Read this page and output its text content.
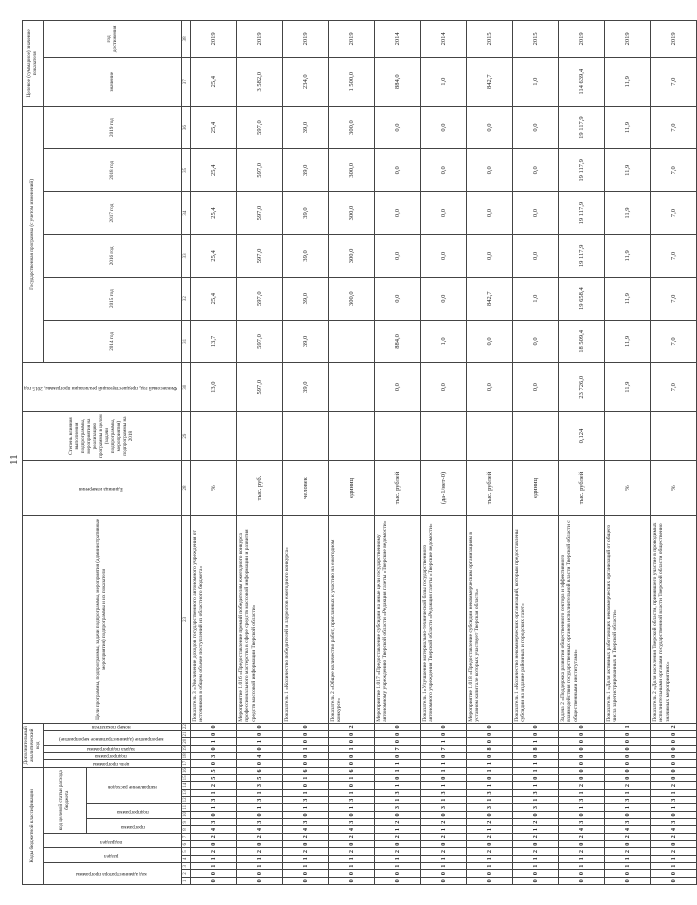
11
Коды бюджетной классификации																Дополнительный аналитический код						Цели программы, подпрограммы, задачи подпрограммы, мероприятия (административные мероприятия) подпрограммы и их показатели	Единица измерения	Степень влияния выполнения подпрограммы, мероприятия на реализацию программы в целом (задачи подпрограммы, мероприятия) подпрограммы на 2018	Финансовый год, предшествующий реализации программы, 2015 год	Государственная программа (с учетом изменений)						Целевое (суммарное) значение показателя	
код администратора программы			раздел		подраздел		код целевой статьи расхода бюджета									цель программы	подпрограмма	задача подпрограммы	мероприятие (административное мероприятие)		номер показателя					2014 год	2015 год	2016 год	2017 год	2018 год	2019 год	значение	год достижения
							программа		подпрограмма		направление расходов																						
1	2	3	4	5	6	7	8	9	10	11	12	13	14	15	16	17	18	19	20	21	22	23	28	29	30	31	32	33	34	35	36	37	38
0	0	1	1	2	0	2	4	3	0	1	3	1	2	5	5	0	3	0	1	0	0	Показатель 3 «Увеличение доходов государственного автономного учреждения от источников в общем объеме поступлений из областного бюджета»	%		13,0	13,7	25,4	25,4	25,4	25,4	25,4	25,4	2019
0	0	1	1	2	0	2	4	3	0	1	3	1	3	5	6	0	4	0	1	0	0	Мероприятие 1.016 «Предоставление премий победителям ежегодного конкурса профессионального мастерства в сфере средств массовой информации и развития средств массовой информации Тверской области»	тыс. руб.		597,0	597,0	597,0	597,0	597,0	597,0	597,0	3 582,0	2019
0	0	1	1	2	0	2	4	3	0	1	3	1	0	1	6	0	0	1	0	0	0	Показатель 1 «Количество победителей и лауреатов ежегодного конкурса»	человек		39,0	39,0	39,0	39,0	39,0	39,0	39,0	234,0	2019
0	0	1	1	2	0	2	4	3	0	1	3	1	0	1	6	0	0	1	0	0	2	Показатель 2 «Общее количество работ, присланных к участию на ежегодном конкурсе»	единиц				300,0	300,0	300,0	300,0	300,0	1 500,0	2019
0	0	1	1	2	0	2	1	2	0	3	1	3	1	0	1	1	0	7	0	0	0	Мероприятие 1.017 «Предоставление субсидии на иные цели государственному автономному учреждению Тверской области «Редакция газеты «Тверские ведомости»	тыс. рублей		0,0	884,0	0,0	0,0	0,0	0,0	0,0	884,0	2014
0	0	1	1	2	0	2	1	2	0	3	1	3	1	0	1	1	0	7	1	0	0	Показатель 1«Улучшение материально-технической базы государственного автономного учреждения Тверской области «Редакция газеты «Тверские ведомости»	(да-1/нет-0)		0,0	1,0	0,0	0,0	0,0	0,0	0,0	1,0	2014
0	0	1	1	2	0	2	1	2	0	3	1	3	1	0	1	1	0	8	0	0	0	Мероприятие 1.018 «Предоставление субсидии некоммерческим организациям в уставном капитале которых участвует Тверская область»	тыс. рублей		0,0	0,0	842,7	0,0	0,0	0,0	0,0	842,7	2015
0	0	1	1	2	0	2	1	2	0	3	1	3	1	0	1	1	0	8	1	0	0	Показатель 1 «Количество некоммерческих организаций, которым предоставлены субсидии на издание районных и городских газет»	единиц		0,0	0,0	1,0	0,0	0,0	0,0	0,0	1,0	2015
0	0	1	1	2	0	2	4	3	0	1	3	1	2	0	0	0	0	0	0	0	0	Задача 2 «Поддержка развития общественного сектора и эффективного взаимодействия государственных органов исполнительной власти Тверской области с общественными институтами»	тыс. рублей	0,124	23 726,0	18 509,4	19 658,4	19 117,9	19 117,9	19 117,9	19 117,9	114 639,4	2019
0	0	1	1	2	0	2	4	3	0	1	3	1	2	0	0	0	0	0	0	0	1	Показатель 1 «Доля активных работающих некоммерческих организаций от общего числа зарегистрированных в Тверской области»	%		11,9	11,9	11,9	11,9	11,9	11,9	11,9	11,9	2019
0	0	1	1	2	0	2	4	3	0	1	3	1	2	0	0	0	0	0	0	0	2	Показатель 2 «Доля населения Тверской области, принявшего участие в проводимых исполнительными органами государственной власти Тверской области общественно значимых мероприятиях»	%		7,0	7,0	7,0	7,0	7,0	7,0	7,0	7,0	2019
